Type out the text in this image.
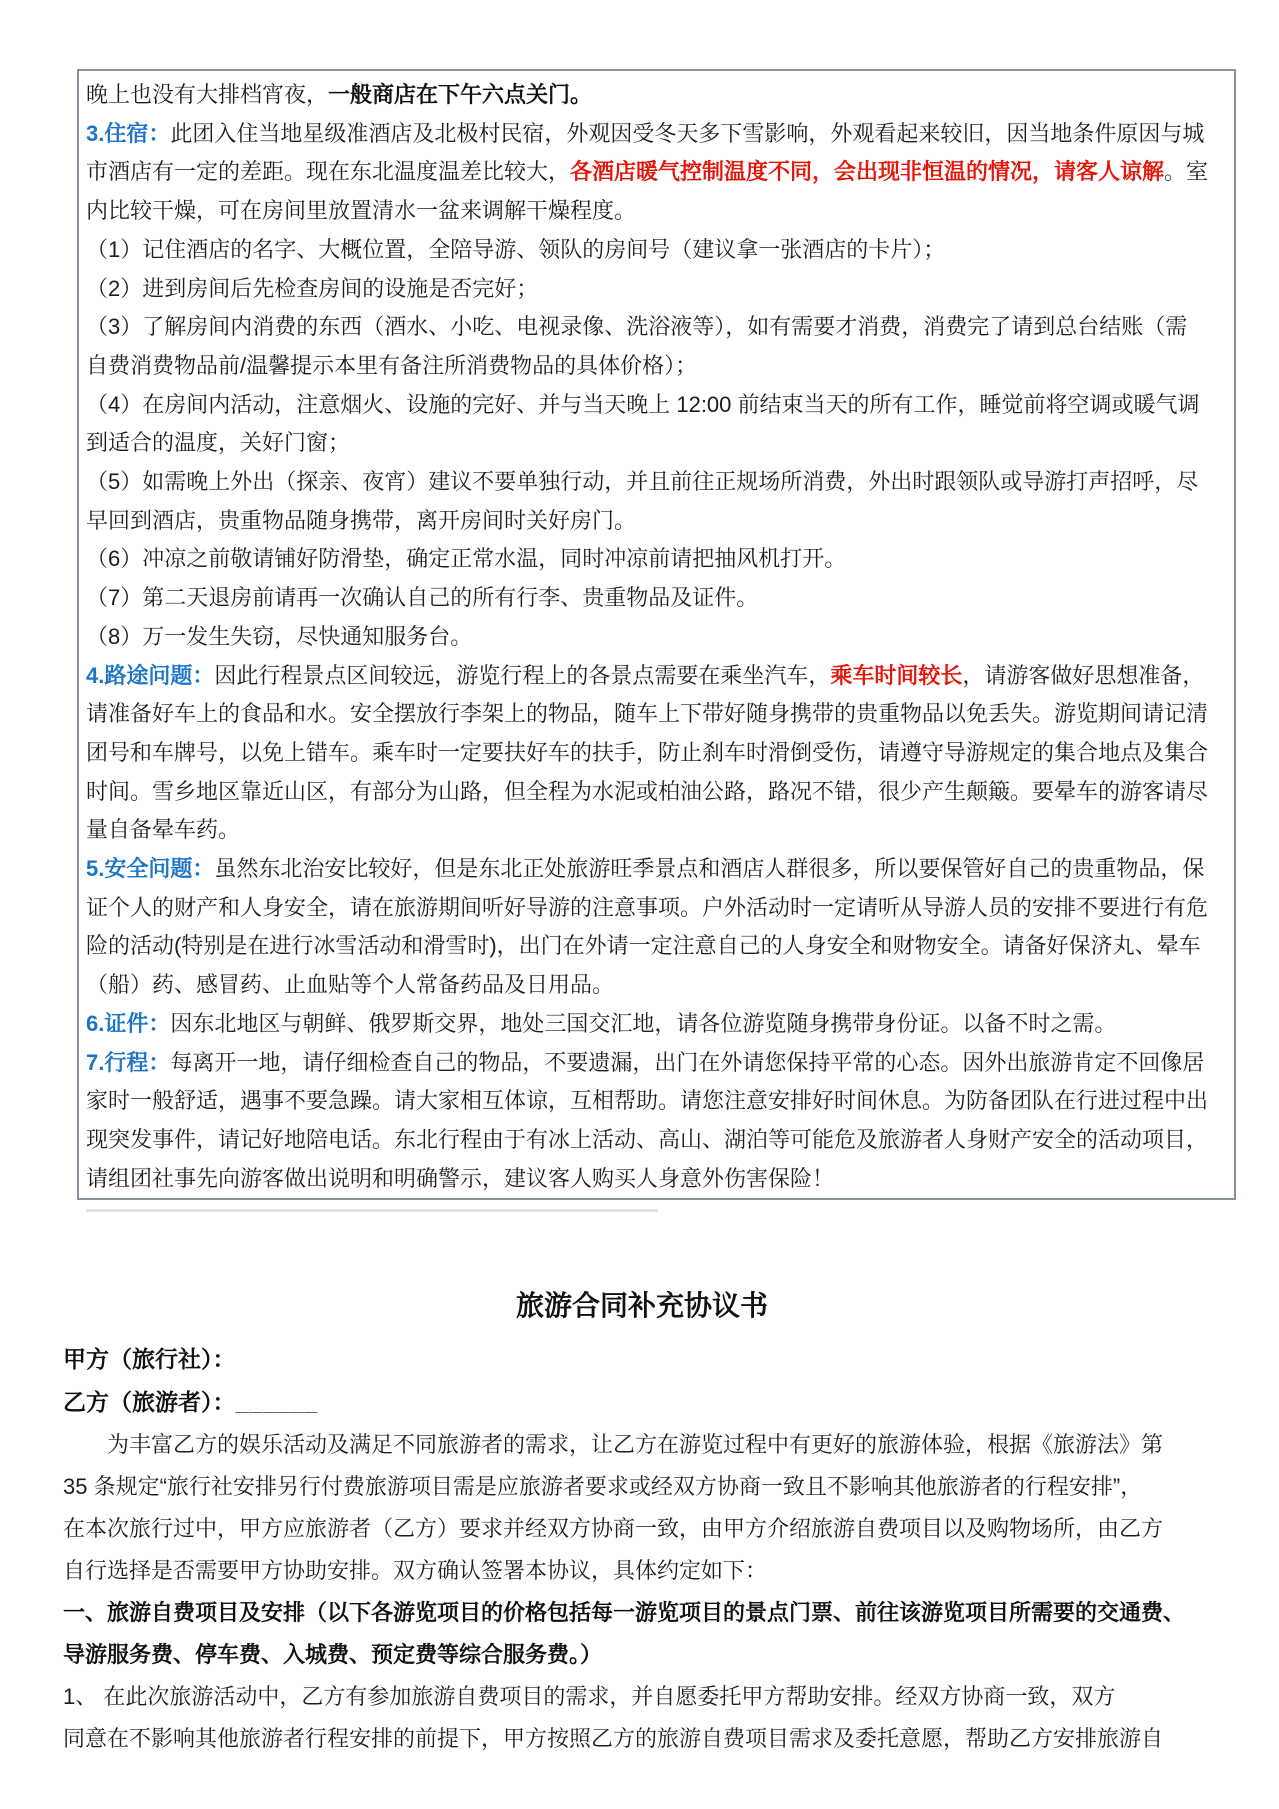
晚上也没有大排档宵夜，一般商店在下午六点关门。
3.住宿：此团入住当地星级准酒店及北极村民宿，外观因受冬天多下雪影响，外观看起来较旧，因当地条件原因与城
市酒店有一定的差距。现在东北温度温差比较大，各酒店暖气控制温度不同，会出现非恒温的情况，请客人谅解。室
内比较干燥，可在房间里放置清水一盆来调解干燥程度。
（1）记住酒店的名字、大概位置，全陪导游、领队的房间号（建议拿一张酒店的卡片）；
（2）进到房间后先检查房间的设施是否完好；
（3）了解房间内消费的东西（酒水、小吃、电视录像、洗浴液等），如有需要才消费，消费完了请到总台结账（需
自费消费物品前/温馨提示本里有备注所消费物品的具体价格）；
（4）在房间内活动，注意烟火、设施的完好、并与当天晚上 12:00 前结束当天的所有工作，睡觉前将空调或暖气调
到适合的温度，关好门窗；
（5）如需晚上外出（探亲、夜宵）建议不要单独行动，并且前往正规场所消费，外出时跟领队或导游打声招呼，尽
早回到酒店，贵重物品随身携带，离开房间时关好房门。
（6）冲凉之前敬请铺好防滑垫，确定正常水温，同时冲凉前请把抽风机打开。
（7）第二天退房前请再一次确认自己的所有行李、贵重物品及证件。
（8）万一发生失窃，尽快通知服务台。
4.路途问题：因此行程景点区间较远，游览行程上的各景点需要在乘坐汽车，乘车时间较长，请游客做好思想准备，
请准备好车上的食品和水。安全摆放行李架上的物品，随车上下带好随身携带的贵重物品以免丢失。游览期间请记清
团号和车牌号，以免上错车。乘车时一定要扶好车的扶手，防止刹车时滑倒受伤，请遵守导游规定的集合地点及集合
时间。雪乡地区靠近山区，有部分为山路，但全程为水泥或柏油公路，路况不错，很少产生颠簸。要晕车的游客请尽
量自备晕车药。
5.安全问题：虽然东北治安比较好，但是东北正处旅游旺季景点和酒店人群很多，所以要保管好自己的贵重物品，保
证个人的财产和人身安全，请在旅游期间听好导游的注意事项。户外活动时一定请听从导游人员的安排不要进行有危
险的活动(特别是在进行冰雪活动和滑雪时)，出门在外请一定注意自己的人身安全和财物安全。请备好保济丸、晕车
（船）药、感冒药、止血贴等个人常备药品及日用品。
6.证件：因东北地区与朝鲜、俄罗斯交界，地处三国交汇地，请各位游览随身携带身份证。以备不时之需。
7.行程：每离开一地，请仔细检查自己的物品，不要遗漏，出门在外请您保持平常的心态。因外出旅游肯定不回像居
家时一般舒适，遇事不要急躁。请大家相互体谅，互相帮助。请您注意安排好时间休息。为防备团队在行进过程中出
现突发事件，请记好地陪电话。东北行程由于有冰上活动、高山、湖泊等可能危及旅游者人身财产安全的活动项目，
请组团社事先向游客做出说明和明确警示，建议客人购买人身意外伤害保险！
旅游合同补充协议书
甲方（旅行社）：
乙方（旅游者）：______
为丰富乙方的娱乐活动及满足不同旅游者的需求，让乙方在游览过程中有更好的旅游体验，根据《旅游法》第
35 条规定“旅行社安排另行付费旅游项目需是应旅游者要求或经双方协商一致且不影响其他旅游者的行程安排”，
在本次旅行过中，甲方应旅游者（乙方）要求并经双方协商一致，由甲方介绍旅游自费项目以及购物场所，由乙方
自行选择是否需要甲方协助安排。双方确认签署本协议，具体约定如下：
一、旅游自费项目及安排（以下各游览项目的价格包括每一游览项目的景点门票、前往该游览项目所需要的交通费、
导游服务费、停车费、入城费、预定费等综合服务费。）
1、 在此次旅游活动中，乙方有参加旅游自费项目的需求，并自愿委托甲方帮助安排。经双方协商一致，双方
同意在不影响其他旅游者行程安排的前提下，甲方按照乙方的旅游自费项目需求及委托意愿，帮助乙方安排旅游自
